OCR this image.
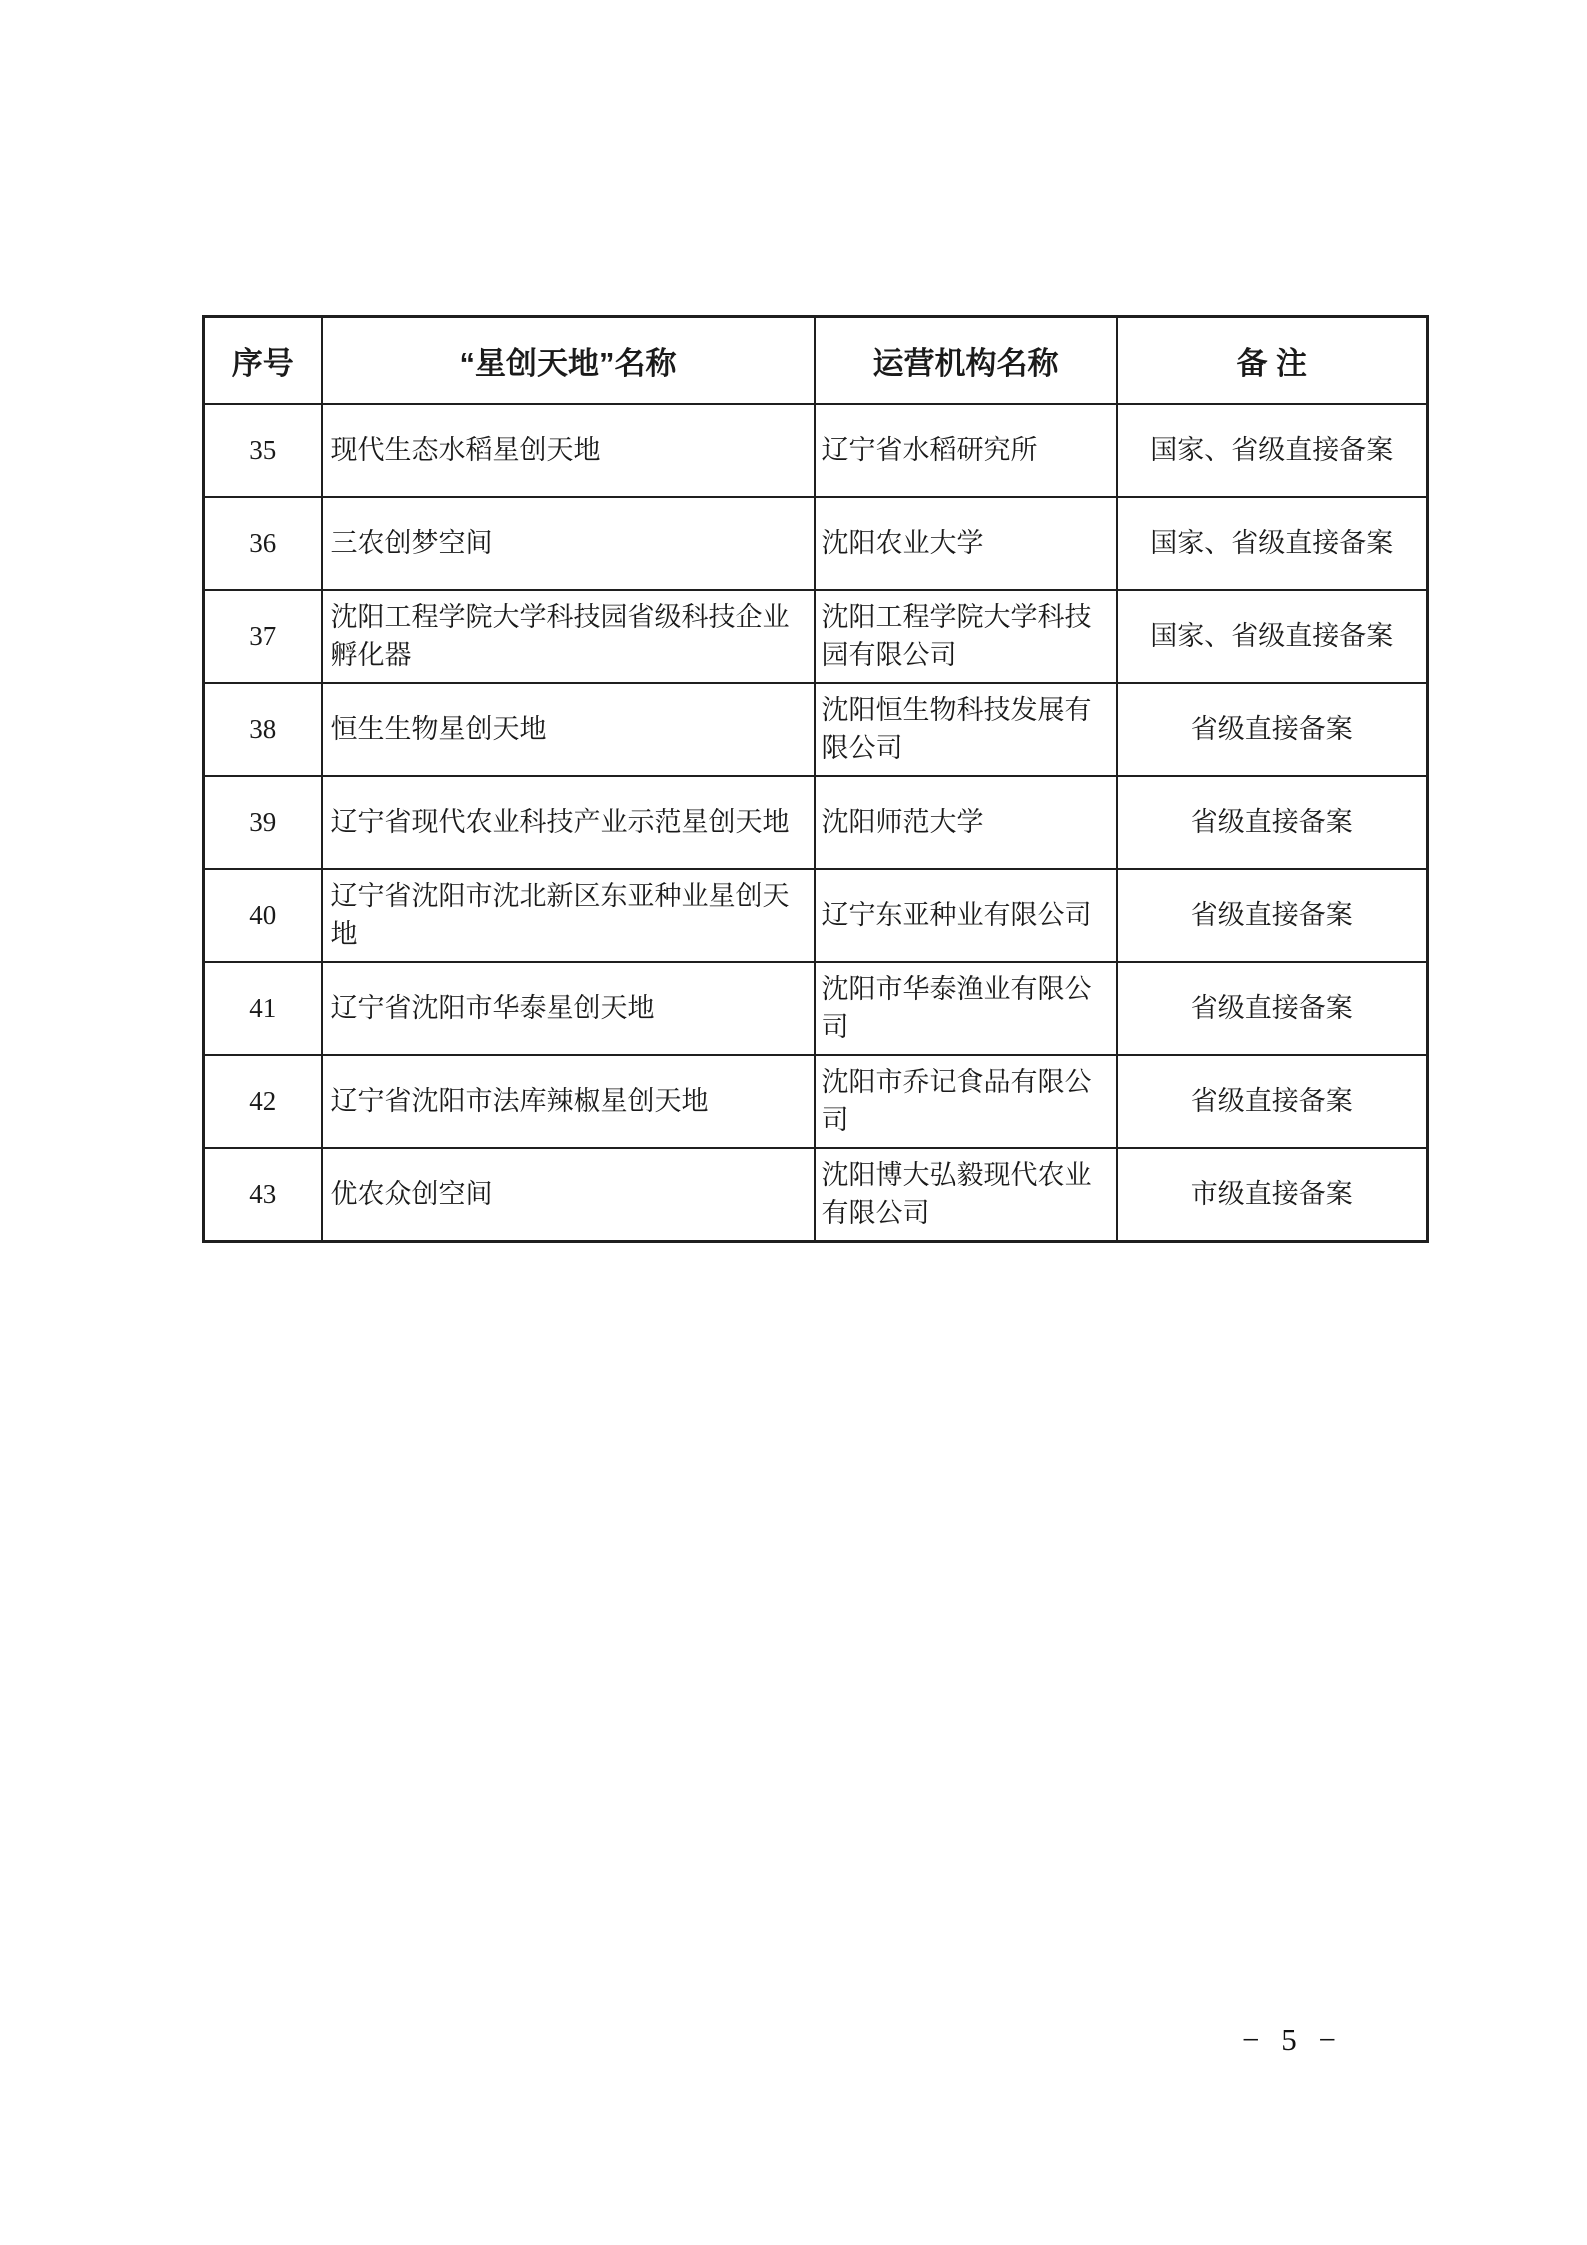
序号	“星创天地”名称	运营机构名称	备 注
35	现代生态水稻星创天地	辽宁省水稻研究所	国家、省级直接备案
36	三农创梦空间	沈阳农业大学	国家、省级直接备案
37	沈阳工程学院大学科技园省级科技企业孵化器	沈阳工程学院大学科技园有限公司	国家、省级直接备案
38	恒生生物星创天地	沈阳恒生物科技发展有限公司	省级直接备案
39	辽宁省现代农业科技产业示范星创天地	沈阳师范大学	省级直接备案
40	辽宁省沈阳市沈北新区东亚种业星创天地	辽宁东亚种业有限公司	省级直接备案
41	辽宁省沈阳市华泰星创天地	沈阳市华泰渔业有限公司	省级直接备案
42	辽宁省沈阳市法库辣椒星创天地	沈阳市乔记食品有限公司	省级直接备案
43	优农众创空间	沈阳博大弘毅现代农业有限公司	市级直接备案
− 5 −
